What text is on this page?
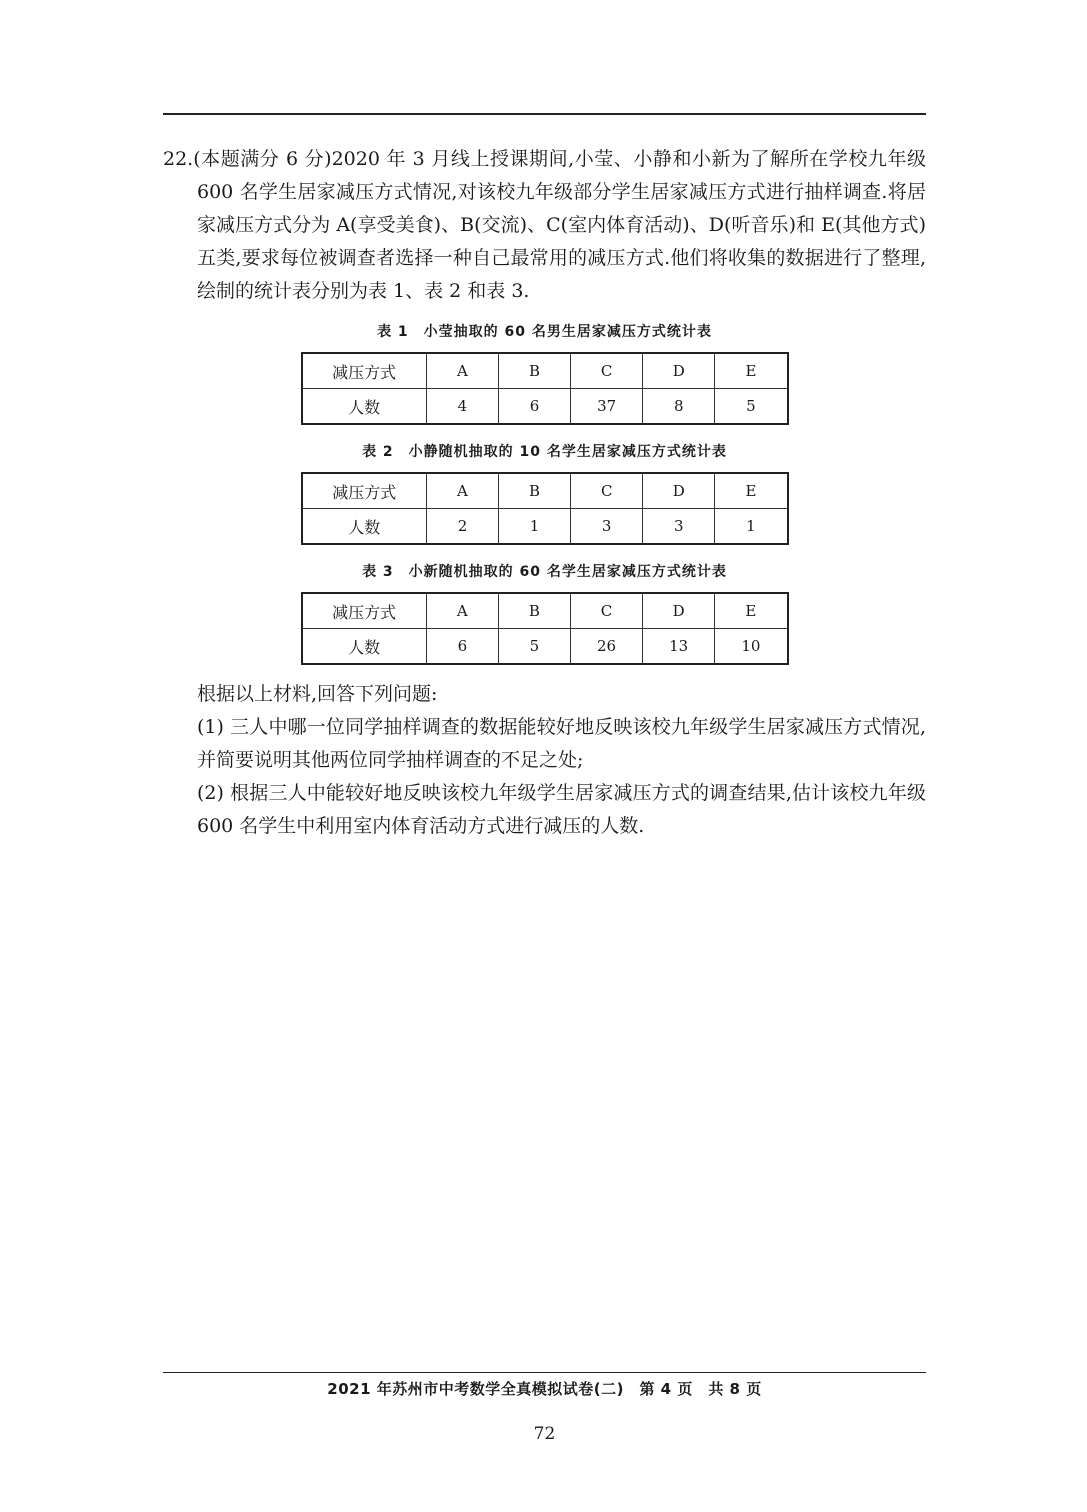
22.(本题满分 6 分)2020 年 3 月线上授课期间,小莹、小静和小新为了解所在学校九年级 600 名学生居家减压方式情况,对该校九年级部分学生居家减压方式进行抽样调查.将居家减压方式分为 A(享受美食)、B(交流)、C(室内体育活动)、D(听音乐)和 E(其他方式)五类,要求每位被调查者选择一种自己最常用的减压方式.他们将收集的数据进行了整理,绘制的统计表分别为表 1、表 2 和表 3.

表 1　小莹抽取的 60 名男生居家减压方式统计表
减压方式	A	B	C	D	E
人数	4	6	37	8	5
表 2　小静随机抽取的 10 名学生居家减压方式统计表
减压方式	A	B	C	D	E
人数	2	1	3	3	1
表 3　小新随机抽取的 60 名学生居家减压方式统计表
减压方式	A	B	C	D	E
人数	6	5	26	13	10

根据以上材料,回答下列问题:

(1) 三人中哪一位同学抽样调查的数据能较好地反映该校九年级学生居家减压方式情况,并简要说明其他两位同学抽样调查的不足之处;

(2) 根据三人中能较好地反映该校九年级学生居家减压方式的调查结果,估计该校九年级 600 名学生中利用室内体育活动方式进行减压的人数.

2021 年苏州市中考数学全真模拟试卷(二)　第 4 页　共 8 页
72
